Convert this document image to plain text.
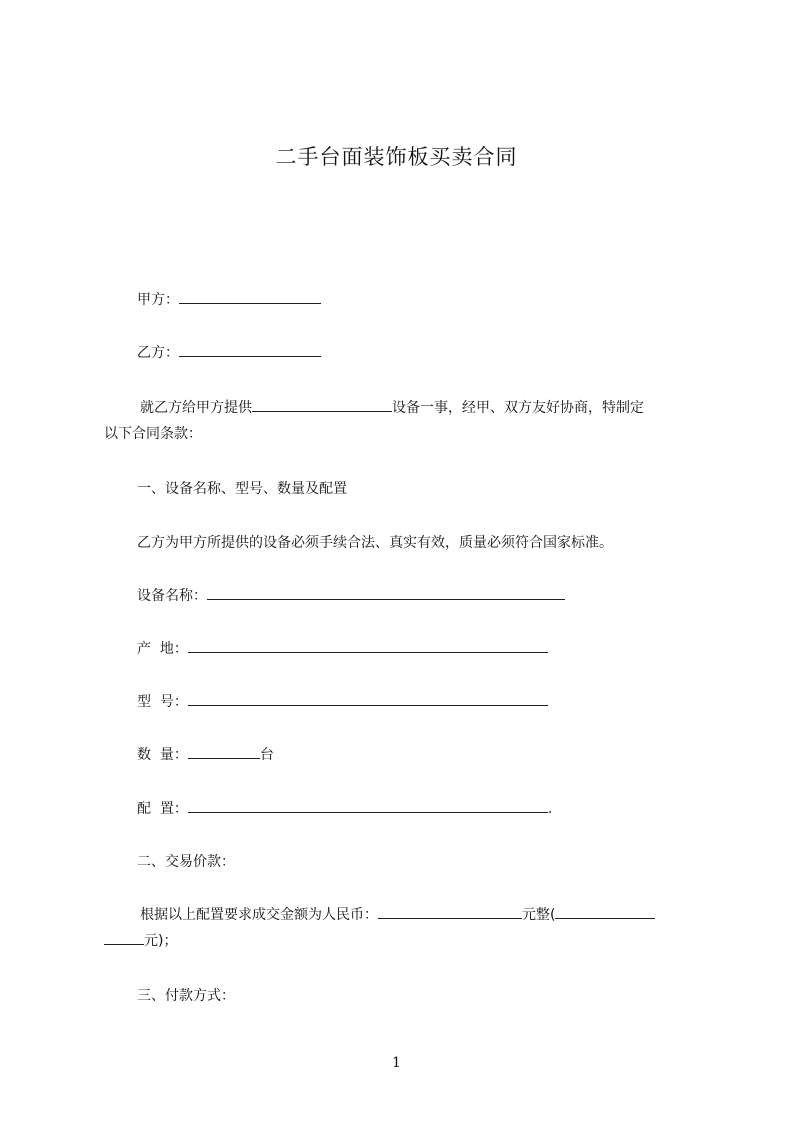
二手台面装饰板买卖合同
甲方：
乙方：
就乙方给甲方提供	设备一事，经甲、双方友好协商，特制定
以下合同条款：
一、设备名称、型号、数量及配置
乙方为甲方所提供的设备必须手续合法、真实有效，质量必须符合国家标准。
设备名称：
产  地：
型  号：
数  量：	台
配  置：	.
二、交易价款：
根据以上配置要求成交金额为人民币：	元整(
元)；
三、付款方式：
1
